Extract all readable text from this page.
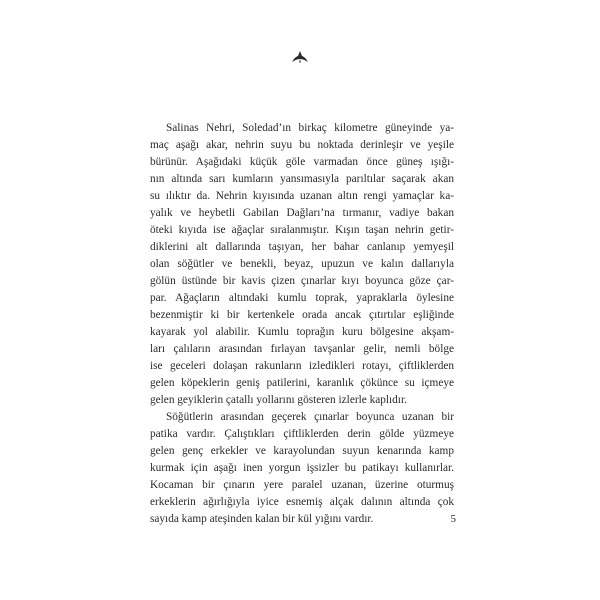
Salinas Nehri, Soledad’ın birkaç kilometre güneyinde ya-
maç aşağı akar, nehrin suyu bu noktada derinleşir ve yeşile
bürünür. Aşağıdaki küçük göle varmadan önce güneş ışığı-
nın altında sarı kumların yansımasıyla parıltılar saçarak akan
su ılıktır da. Nehrin kıyısında uzanan altın rengi yamaçlar ka-
yalık ve heybetli Gabilan Dağları’na tırmanır, vadiye bakan
öteki kıyıda ise ağaçlar sıralanmıştır. Kışın taşan nehrin getir-
diklerini alt dallarında taşıyan, her bahar canlanıp yemyeşil
olan söğütler ve benekli, beyaz, upuzun ve kalın dallarıyla
gölün üstünde bir kavis çizen çınarlar kıyı boyunca göze çar-
par. Ağaçların altındaki kumlu toprak, yapraklarla öylesine
bezenmiştir ki bir kertenkele orada ancak çıtırtılar eşliğinde
kayarak yol alabilir. Kumlu toprağın kuru bölgesine akşam-
ları çalıların arasından fırlayan tavşanlar gelir, nemli bölge
ise geceleri dolaşan rakunların izledikleri rotayı, çiftliklerden
gelen köpeklerin geniş patilerini, karanlık çökünce su içmeye
gelen geyiklerin çatallı yollarını gösteren izlerle kaplıdır.

Söğütlerin arasından geçerek çınarlar boyunca uzanan bir
patika vardır. Çalıştıkları çiftliklerden derin gölde yüzmeye
gelen genç erkekler ve karayolundan suyun kenarında kamp
kurmak için aşağı inen yorgun işsizler bu patikayı kullanırlar.
Kocaman bir çınarın yere paralel uzanan, üzerine oturmuş
erkeklerin ağırlığıyla iyice esnemiş alçak dalının altında çok
sayıda kamp ateşinden kalan bir kül yığını vardır.	5
